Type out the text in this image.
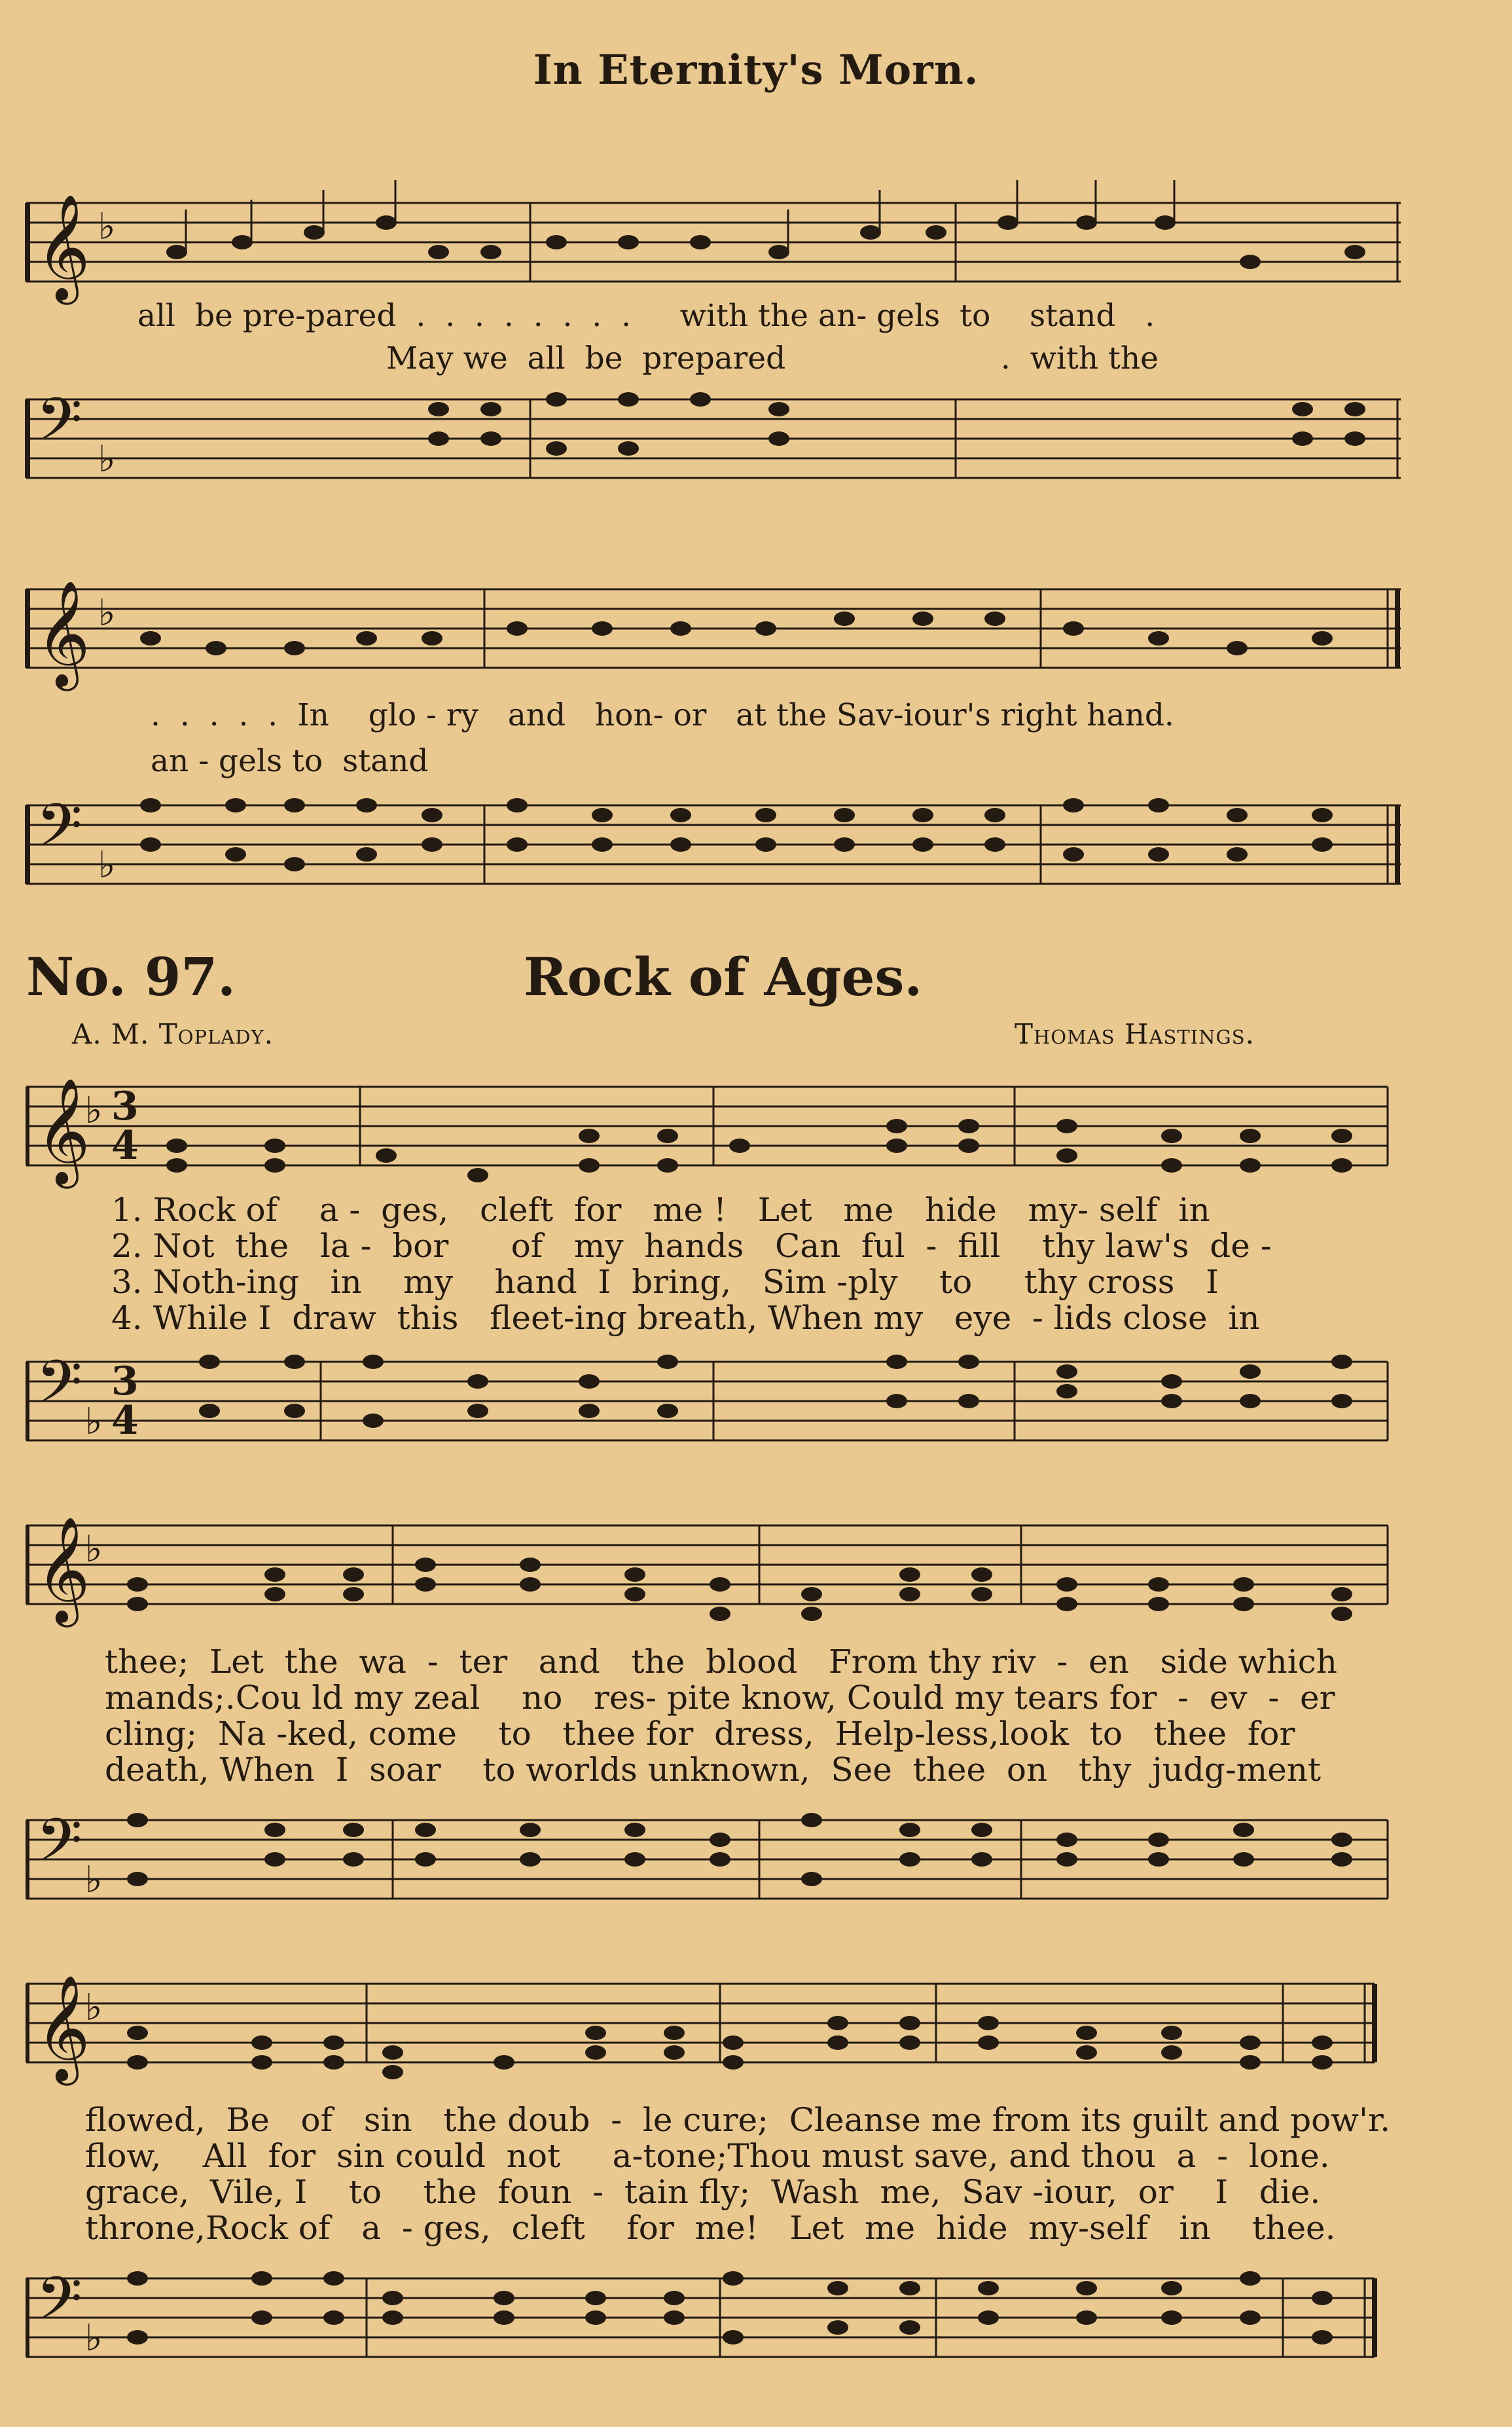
In Eternity's Morn.
𝄞 ♭
all  be pre-pared  .  .  .  .  .  .  .  .     with the an- gels  to    stand   .
May we  all  be  prepared                      .  with the
𝄢 ♭
𝄞 ♭
.  .  .  .  .  In    glo - ry   and   hon- or   at the Sav-iour's right hand.
an - gels to  stand
𝄢 ♭
No. 97.	Rock of Ages.
A. M. Toplady.	Thomas Hastings.
𝄞
♭ 3
4
1. Rock of    a -  ges,   cleft  for   me !   Let   me   hide   my- self  in
2. Not  the   la -  bor      of   my  hands   Can  ful  -  fill    thy law's  de -
3. Noth-ing   in    my    hand  I  bring,   Sim -ply    to     thy cross   I
4. While I  draw  this   fleet-ing breath, When my   eye  - lids close  in
𝄢 ♭
3
4
𝄞
♭
thee;  Let  the  wa  -  ter   and   the  blood   From thy riv  -  en   side which
mands;.Cou ld my zeal    no   res- pite know, Could my tears for  -  ev  -  er
cling;  Na -ked, come    to   thee for  dress,  Help-less,look  to   thee  for
death, When  I  soar    to worlds unknown,  See  thee  on   thy  judg-ment
𝄢 ♭
𝄞
♭
flowed,  Be   of   sin   the doub  -  le cure;  Cleanse me from its guilt and pow'r.
flow,    All  for  sin could  not     a-tone;Thou must save, and thou  a  -  lone.
grace,  Vile, I    to    the  foun  -  tain fly;  Wash  me,  Sav -iour,  or    I   die.
throne,Rock of   a  - ges,  cleft    for  me!   Let  me  hide  my-self   in    thee.
𝄢 ♭
